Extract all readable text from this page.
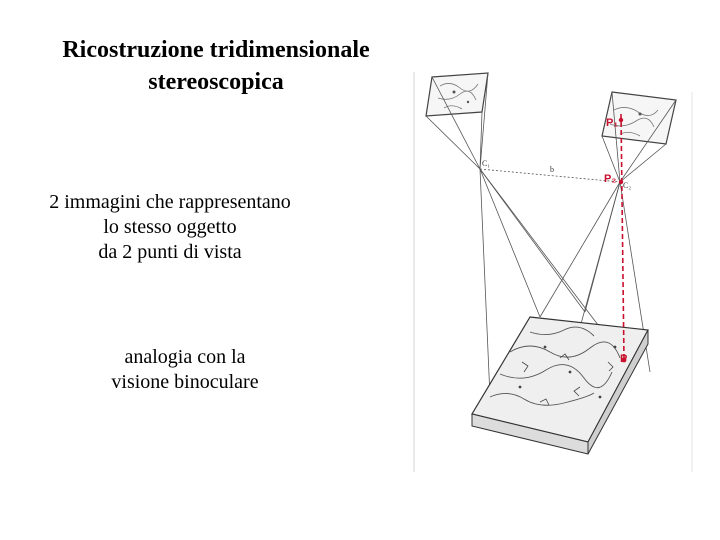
Ricostruzione tridimensionale
stereoscopica
2 immagini che rappresentano
lo stesso oggetto
da 2 punti di vista
analogia con la
visione binoculare
C₁
C₂
b
P₁
P₂
P
